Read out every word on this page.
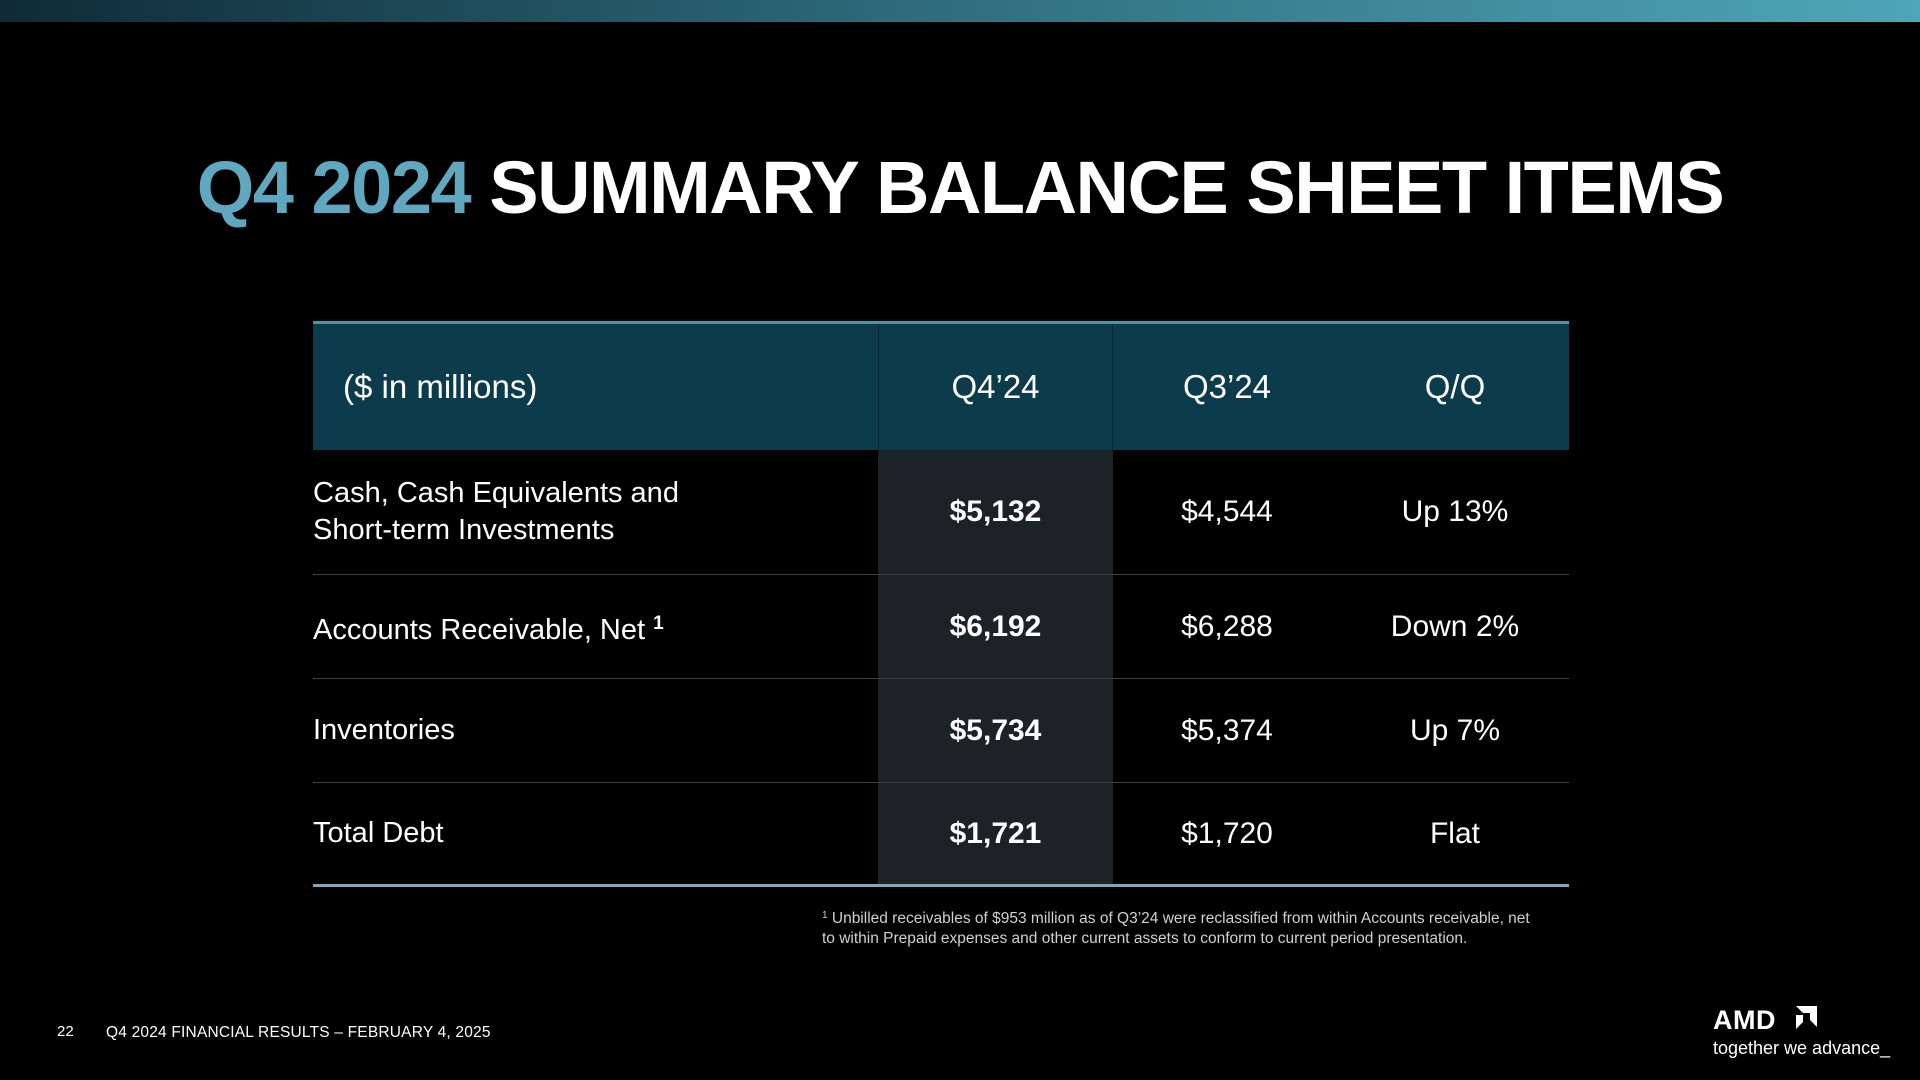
Q4 2024 SUMMARY BALANCE SHEET ITEMS
($ in millions)	Q4’24	Q3’24	Q/Q
Cash, Cash Equivalents and
Short-term Investments
$5,132	$4,544	Up 13%
Accounts Receivable, Net $^1$	$6,192	$6,288	Down 2%
Inventories	$5,734	$5,374	Up 7%
Total Debt	$1,721	$1,720	Flat
$^1$ Unbilled receivables of $953 million as of Q3’24 were reclassified from within Accounts receivable, net
to within Prepaid expenses and other current assets to conform to current period presentation.
22 Q4 2024 FINANCIAL RESULTS – FEBRUARY 4, 2025	AMD
together we advance_
